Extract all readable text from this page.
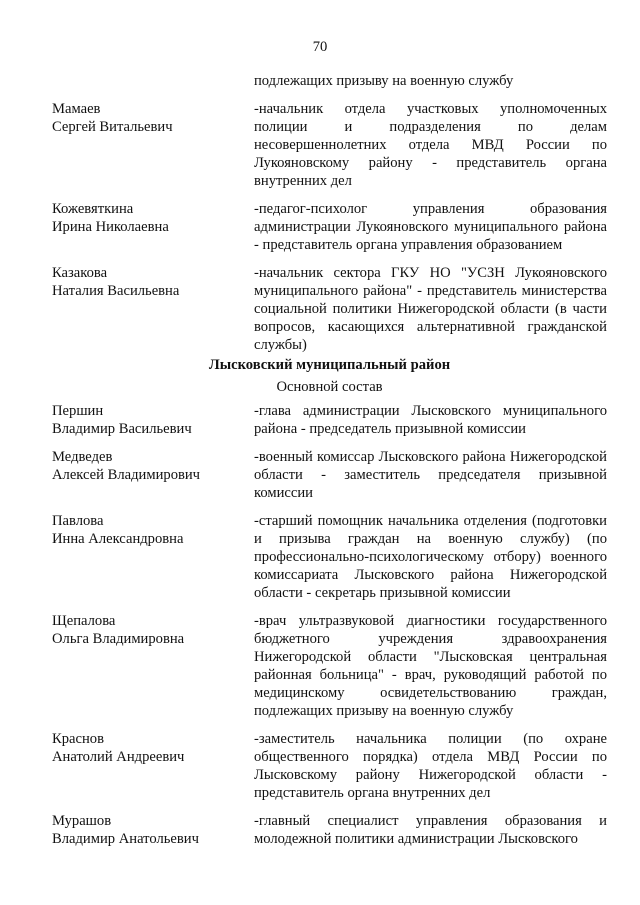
70
подлежащих призыву на военную службу
Мамаев
Сергей Витальевич
-начальник отдела участковых уполномоченных полиции и подразделения по делам несовершеннолетних отдела МВД России по Лукояновскому району - представитель органа внутренних дел
Кожевяткина
Ирина Николаевна
-педагог-психолог управления образования администрации Лукояновского муниципального района - представитель органа управления образованием
Казакова
Наталия Васильевна
-начальник сектора ГКУ НО "УСЗН Лукояновского муниципального района" - представитель министерства социальной политики Нижегородской области (в части вопросов, касающихся альтернативной гражданской службы)
Лысковский муниципальный район
Основной состав
Першин
Владимир Васильевич
-глава администрации Лысковского муниципального района - председатель призывной комиссии
Медведев
Алексей Владимирович
-военный комиссар Лысковского района Нижегородской области - заместитель председателя призывной комиссии
Павлова
Инна Александровна
-старший помощник начальника отделения (подготовки и призыва граждан на военную службу) (по профессионально-психологическому отбору) военного комиссариата Лысковского района Нижегородской области - секретарь призывной комиссии
Щепалова
Ольга Владимировна
-врач ультразвуковой диагностики государственного бюджетного учреждения здравоохранения Нижегородской области "Лысковская центральная районная больница" - врач, руководящий работой по медицинскому освидетельствованию граждан, подлежащих призыву на военную службу
Краснов
Анатолий Андреевич
-заместитель начальника полиции (по охране общественного порядка) отдела МВД России по Лысковскому району Нижегородской области - представитель органа внутренних дел
Мурашов
Владимир Анатольевич
-главный специалист управления образования и молодежной политики администрации Лысковского
